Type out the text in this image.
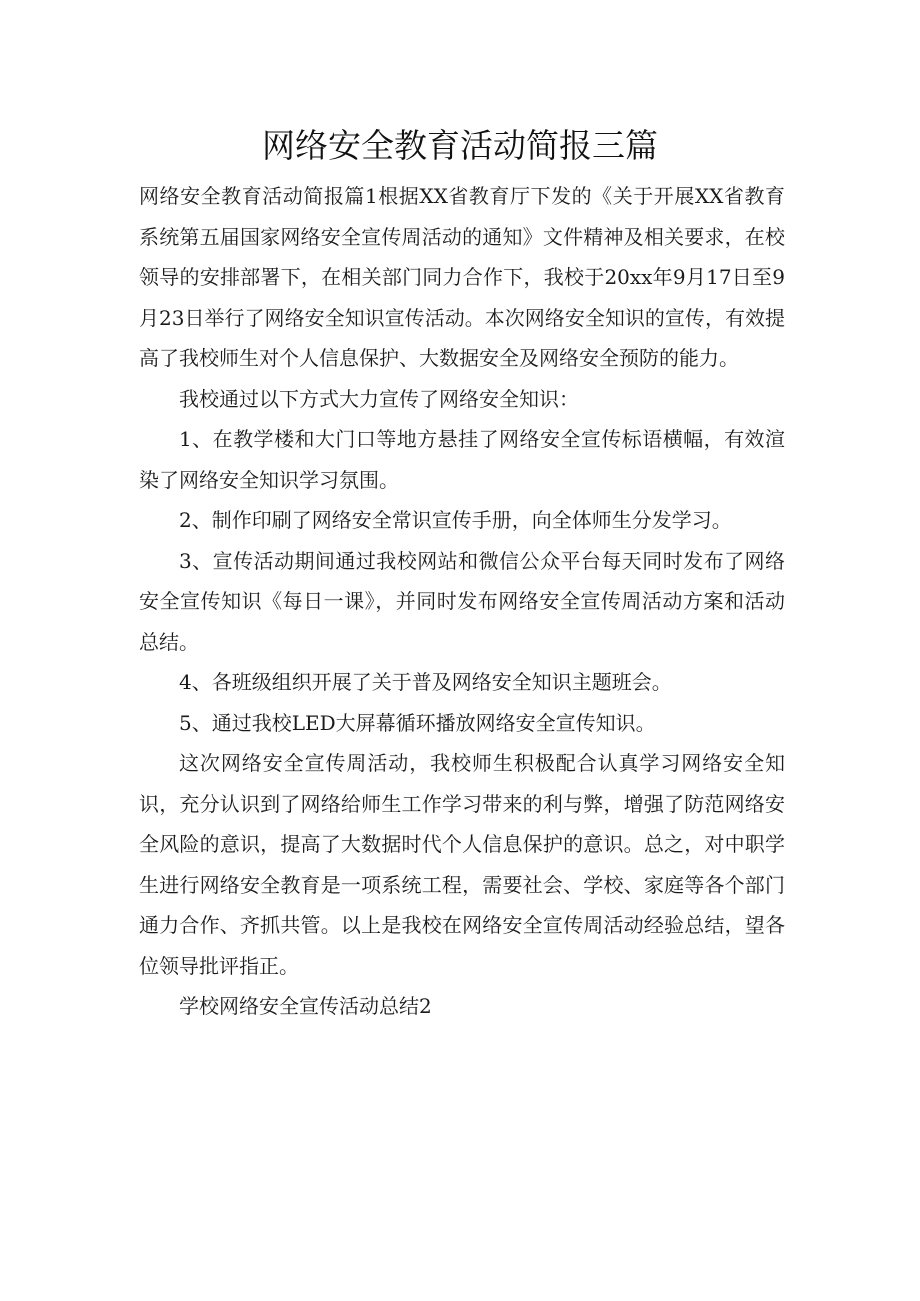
网络安全教育活动简报三篇

网络安全教育活动简报篇1根据XX省教育厅下发的《关于开展XX省教育系统第五届国家网络安全宣传周活动的通知》文件精神及相关要求，在校领导的安排部署下，在相关部门同力合作下，我校于20xx年9月17日至9月23日举行了网络安全知识宣传活动。本次网络安全知识的宣传，有效提高了我校师生对个人信息保护、大数据安全及网络安全预防的能力。

我校通过以下方式大力宣传了网络安全知识：

1、在教学楼和大门口等地方悬挂了网络安全宣传标语横幅，有效渲染了网络安全知识学习氛围。

2、制作印刷了网络安全常识宣传手册，向全体师生分发学习。

3、宣传活动期间通过我校网站和微信公众平台每天同时发布了网络安全宣传知识《每日一课》，并同时发布网络安全宣传周活动方案和活动总结。

4、各班级组织开展了关于普及网络安全知识主题班会。

5、通过我校LED大屏幕循环播放网络安全宣传知识。

这次网络安全宣传周活动，我校师生积极配合认真学习网络安全知识，充分认识到了网络给师生工作学习带来的利与弊，增强了防范网络安全风险的意识，提高了大数据时代个人信息保护的意识。总之，对中职学生进行网络安全教育是一项系统工程，需要社会、学校、家庭等各个部门通力合作、齐抓共管。以上是我校在网络安全宣传周活动经验总结，望各位领导批评指正。

学校网络安全宣传活动总结2
